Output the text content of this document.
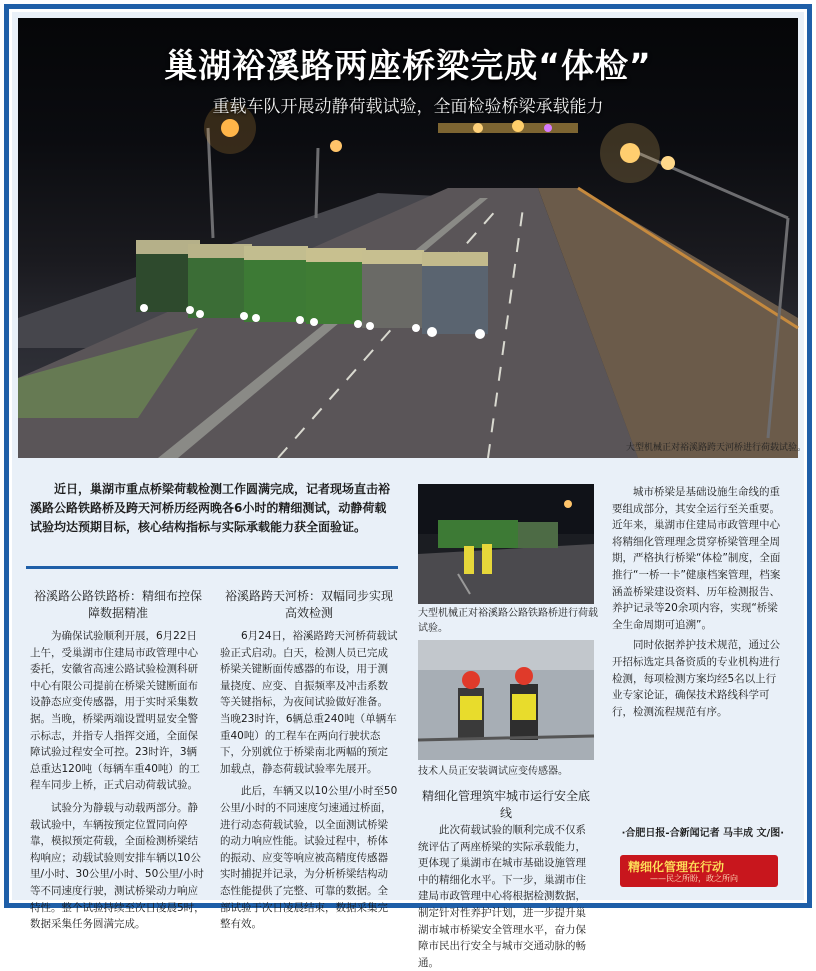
巢湖裕溪路两座桥梁完成“体检”
重载车队开展动静荷载试验，全面检验桥梁承载能力
大型机械正对裕溪路跨天河桥进行荷载试验。
近日，巢湖市重点桥梁荷载检测工作圆满完成，记者现场直击裕溪路公路铁路桥及跨天河桥历经两晚各6小时的精细测试，动静荷载试验均达预期目标，核心结构指标与实际承载能力获全面验证。
裕溪路公路铁路桥：精细布控保障数据精准

为确保试验顺利开展，6月22日上午，受巢湖市住建局市政管理中心委托，安徽省高速公路试验检测科研中心有限公司提前在桥梁关键断面布设静态应变传感器，用于实时采集数据。当晚，桥梁两端设置明显安全警示标志，并指专人指挥交通，全面保障试验过程安全可控。23时许，3辆总重达120吨（每辆车重40吨）的工程车同步上桥，正式启动荷载试验。

试验分为静载与动载两部分。静载试验中，车辆按预定位置同向停靠，模拟预定荷载，全面检测桥梁结构响应；动载试验则安排车辆以10公里/小时、30公里/小时、50公里/小时等不同速度行驶，测试桥梁动力响应特性。整个试验持续至次日凌晨5时，数据采集任务圆满完成。

裕溪路跨天河桥：双幅同步实现高效检测

6月24日，裕溪路跨天河桥荷载试验正式启动。白天，检测人员已完成桥梁关键断面传感器的布设，用于测量挠度、应变、自振频率及冲击系数等关键指标，为夜间试验做好准备。当晚23时许，6辆总重240吨（单辆车重40吨）的工程车在两向行驶状态下，分别就位于桥梁南北两幅的预定加载点，静态荷载试验率先展开。

此后，车辆又以10公里/小时至50公里/小时的不同速度匀速通过桥面，进行动态荷载试验，以全面测试桥梁的动力响应性能。试验过程中，桥体的振动、应变等响应被高精度传感器实时捕捉并记录，为分析桥梁结构动态性能提供了完整、可靠的数据。全部试验于次日凌晨结束，数据采集完整有效。

大型机械正对裕溪路公路铁路桥进行荷载试验。
技术人员正安装调试应变传感器。
精细化管理筑牢城市运行安全底线

城市桥梁是基础设施生命线的重要组成部分，其安全运行至关重要。近年来，巢湖市住建局市政管理中心将精细化管理理念贯穿桥梁管理全周期，严格执行桥梁“体检”制度，全面推行“一桥一卡”健康档案管理，档案涵盖桥梁建设资料、历年检测报告、养护记录等20余项内容，实现“桥梁全生命周期可追溯”。

同时依据养护技术规范，通过公开招标选定具备资质的专业机构进行检测，每项检测方案均经5名以上行业专家论证，确保技术路线科学可行，检测流程规范有序。

此次荷载试验的顺利完成不仅系统评估了两座桥梁的实际承载能力，更体现了巢湖市在城市基础设施管理中的精细化水平。下一步，巢湖市住建局市政管理中心将根据检测数据，制定针对性养护计划，进一步提升巢湖市城市桥梁安全管理水平，奋力保障市民出行安全与城市交通动脉的畅通。

·合肥日报-合新闻记者 马丰成 文/图·
精细化管理在行动
——民之所盼，政之所向
